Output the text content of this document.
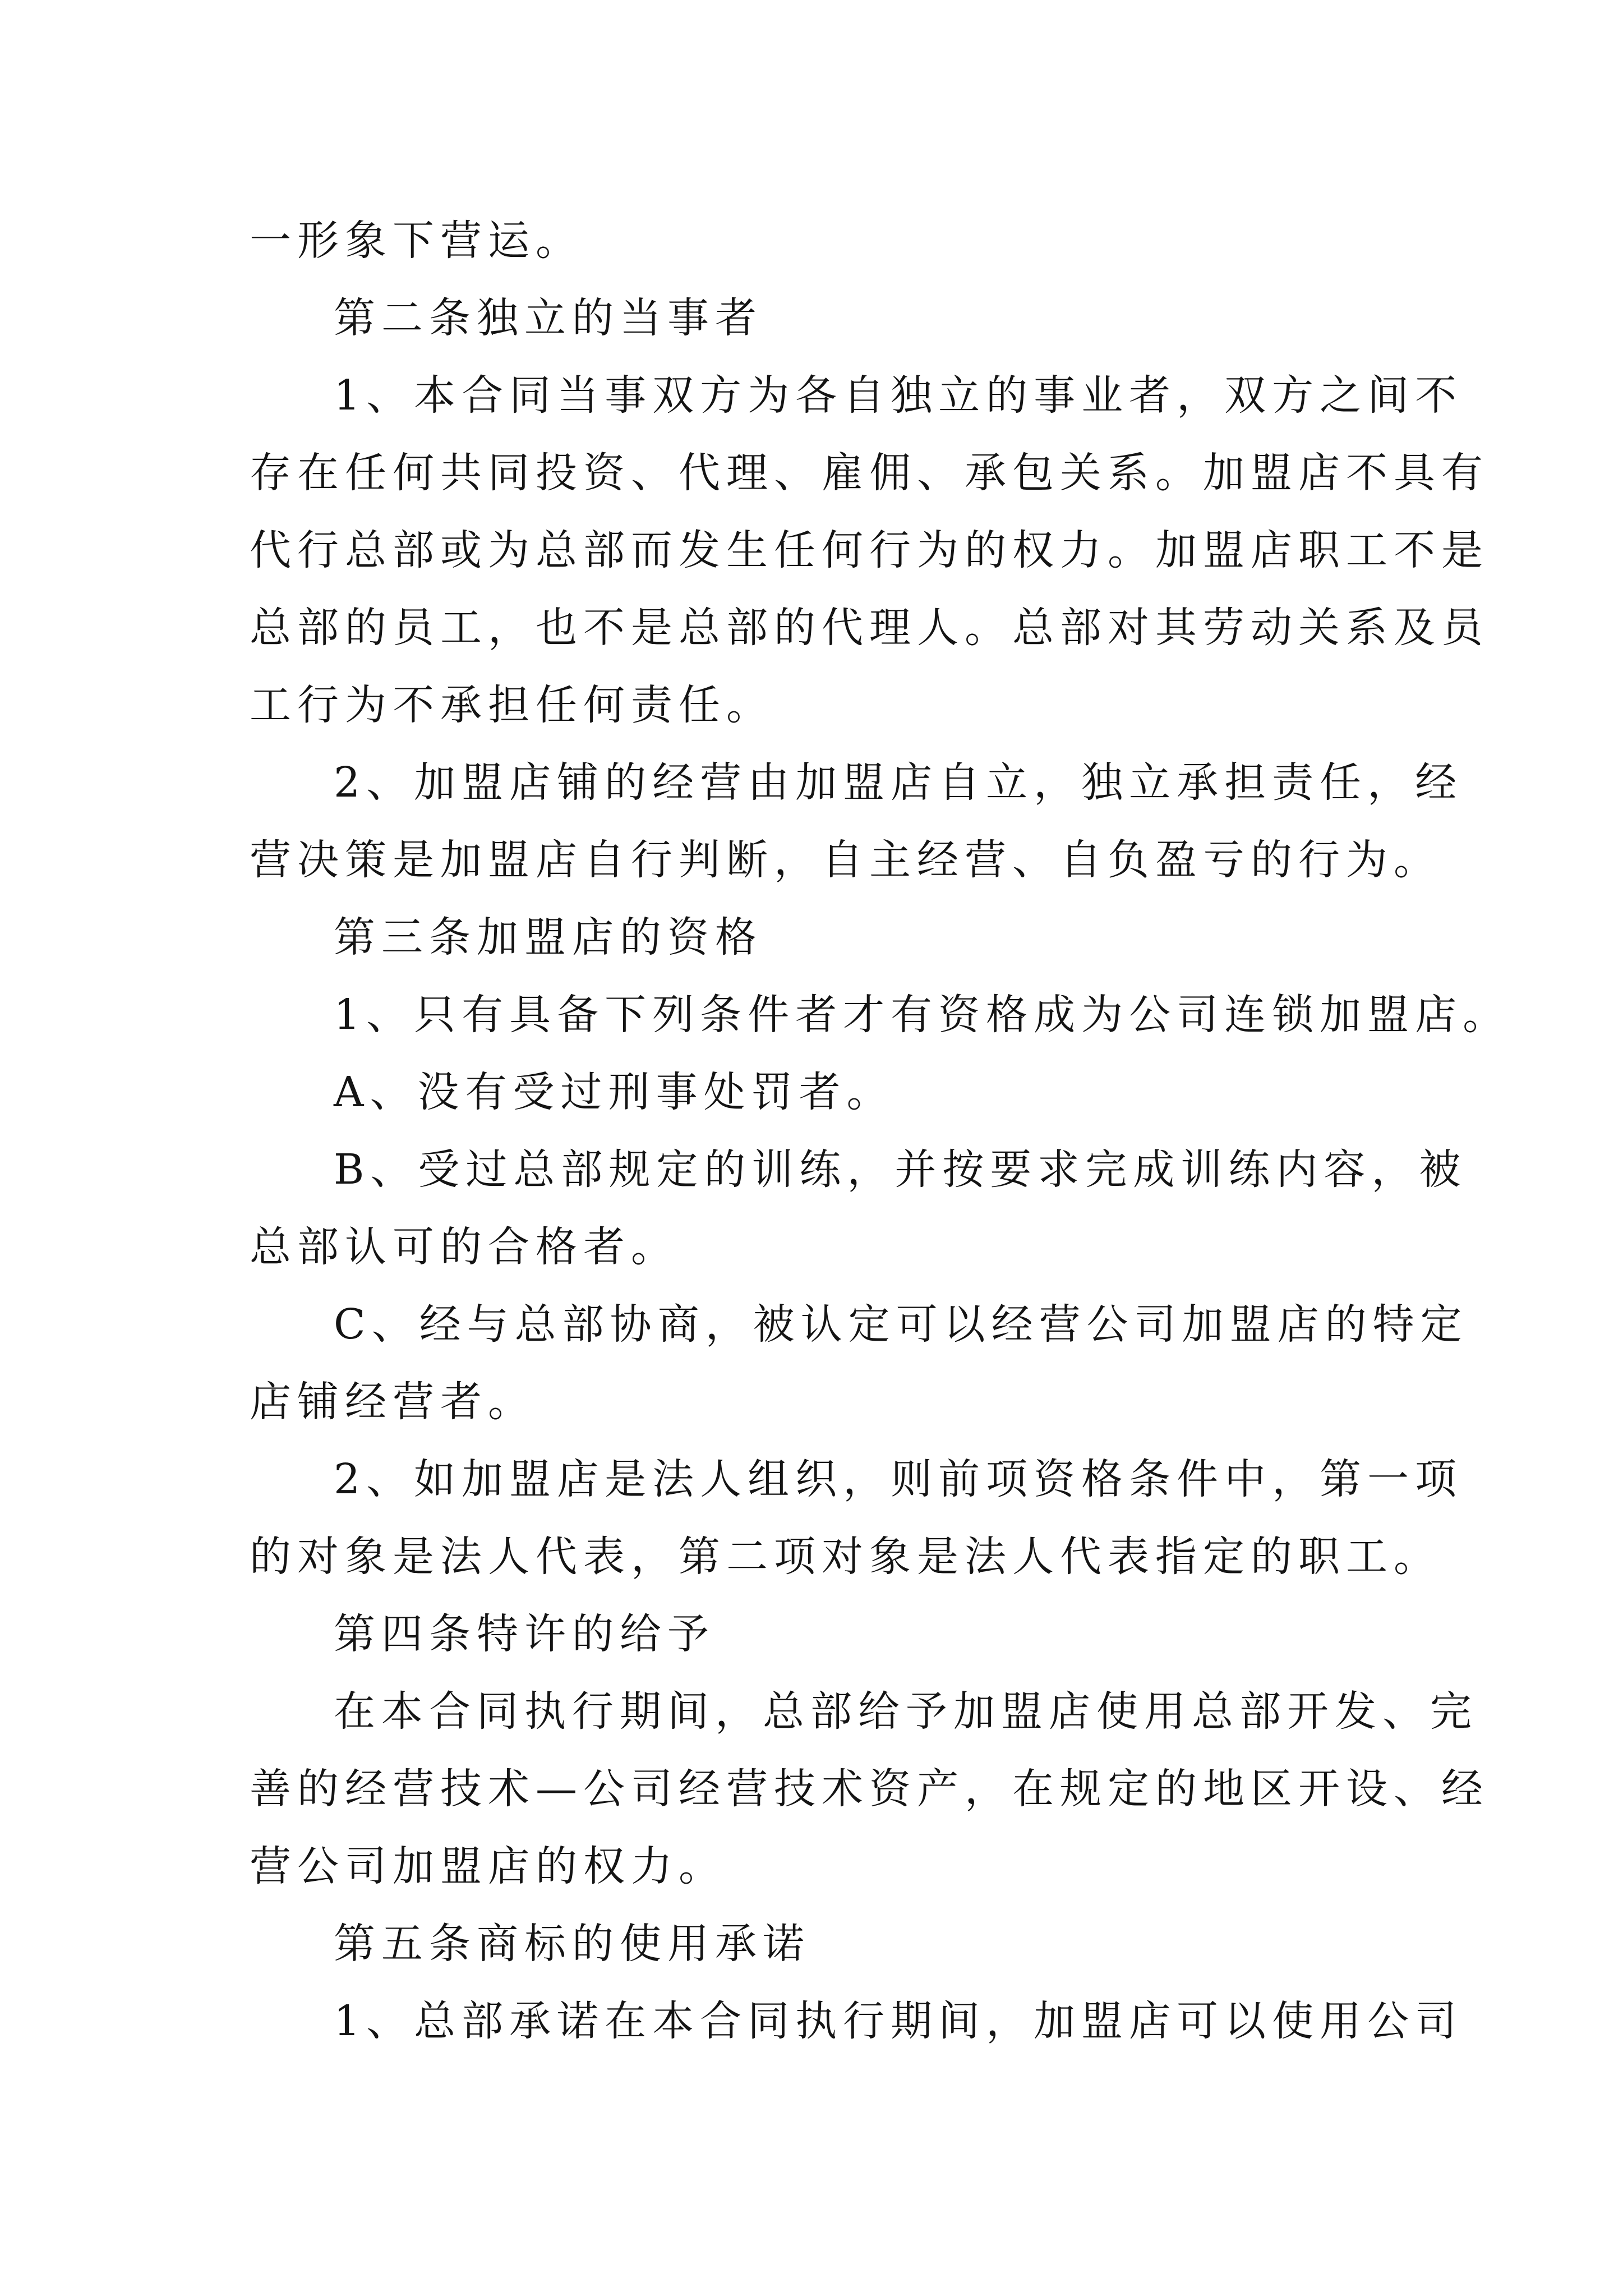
一形象下营运。
第二条独立的当事者
1、本合同当事双方为各自独立的事业者，双方之间不
存在任何共同投资、代理、雇佣、承包关系。加盟店不具有
代行总部或为总部而发生任何行为的权力。加盟店职工不是
总部的员工，也不是总部的代理人。总部对其劳动关系及员
工行为不承担任何责任。
2、加盟店铺的经营由加盟店自立，独立承担责任，经
营决策是加盟店自行判断，自主经营、自负盈亏的行为。
第三条加盟店的资格
1、只有具备下列条件者才有资格成为公司连锁加盟店。
A、没有受过刑事处罚者。
B、受过总部规定的训练，并按要求完成训练内容，被
总部认可的合格者。
C、经与总部协商，被认定可以经营公司加盟店的特定
店铺经营者。
2、如加盟店是法人组织，则前项资格条件中，第一项
的对象是法人代表，第二项对象是法人代表指定的职工。
第四条特许的给予
在本合同执行期间，总部给予加盟店使用总部开发、完
善的经营技术—公司经营技术资产，在规定的地区开设、经
营公司加盟店的权力。
第五条商标的使用承诺
1、总部承诺在本合同执行期间，加盟店可以使用公司
